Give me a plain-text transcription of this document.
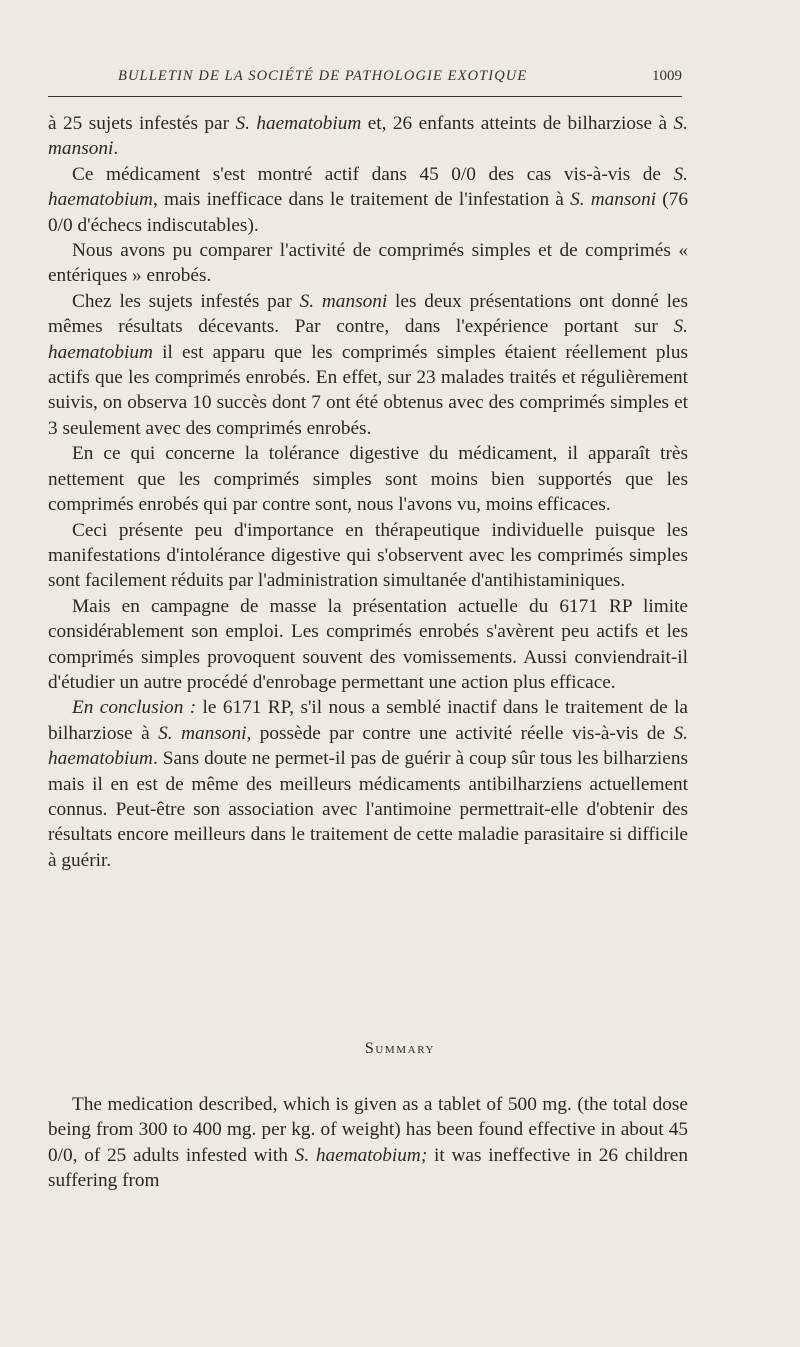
BULLETIN DE LA SOCIÉTÉ DE PATHOLOGIE EXOTIQUE	1009

à 25 sujets infestés par S. haematobium et, 26 enfants atteints de bilharziose à S. mansoni.

Ce médicament s'est montré actif dans 45 0/0 des cas vis-à-vis de S. haematobium, mais inefficace dans le traitement de l'infestation à S. mansoni (76 0/0 d'échecs indiscutables).

Nous avons pu comparer l'activité de comprimés simples et de comprimés « entériques » enrobés.

Chez les sujets infestés par S. mansoni les deux présentations ont donné les mêmes résultats décevants. Par contre, dans l'expérience portant sur S. haematobium il est apparu que les comprimés simples étaient réellement plus actifs que les comprimés enrobés. En effet, sur 23 malades traités et régulièrement suivis, on observa 10 succès dont 7 ont été obtenus avec des comprimés simples et 3 seulement avec des comprimés enrobés.

En ce qui concerne la tolérance digestive du médicament, il apparaît très nettement que les comprimés simples sont moins bien supportés que les comprimés enrobés qui par contre sont, nous l'avons vu, moins efficaces.

Ceci présente peu d'importance en thérapeutique individuelle puisque les manifestations d'intolérance digestive qui s'observent avec les comprimés simples sont facilement réduits par l'administration simultanée d'antihistaminiques.

Mais en campagne de masse la présentation actuelle du 6171 RP limite considérablement son emploi. Les comprimés enrobés s'avèrent peu actifs et les comprimés simples provoquent souvent des vomissements. Aussi conviendrait-il d'étudier un autre procédé d'enrobage permettant une action plus efficace.

En conclusion : le 6171 RP, s'il nous a semblé inactif dans le traitement de la bilharziose à S. mansoni, possède par contre une activité réelle vis-à-vis de S. haematobium. Sans doute ne permet-il pas de guérir à coup sûr tous les bilharziens mais il en est de même des meilleurs médicaments antibilharziens actuellement connus. Peut-être son association avec l'antimoine permettrait-elle d'obtenir des résultats encore meilleurs dans le traitement de cette maladie parasitaire si difficile à guérir.

Summary

The medication described, which is given as a tablet of 500 mg. (the total dose being from 300 to 400 mg. per kg. of weight) has been found effective in about 45 0/0, of 25 adults infested with S. haematobium; it was ineffective in 26 children suffering from
